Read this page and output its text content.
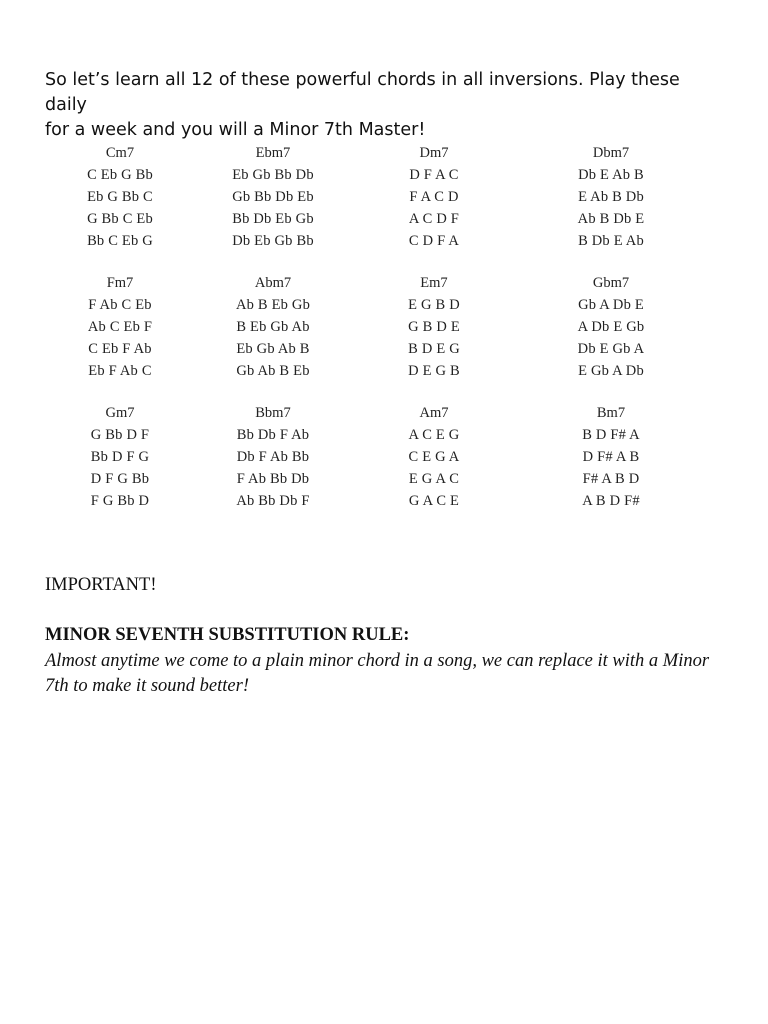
So let’s learn all 12 of these powerful chords in all inversions. Play these daily
for a week and you will a Minor 7th Master!
Cm7
C Eb G Bb
Eb G Bb C
G Bb C Eb
Bb C Eb G
Ebm7
Eb Gb Bb Db
Gb Bb Db Eb
Bb Db Eb Gb
Db Eb Gb Bb
Dm7
D F A C
F A C D
A C D F
C D F A
Dbm7
Db E Ab B
E Ab B Db
Ab B Db E
B Db E Ab
Fm7
F Ab C Eb
Ab C Eb F
C Eb F Ab
Eb F Ab C
Abm7
Ab B Eb Gb
B Eb Gb Ab
Eb Gb Ab B
Gb Ab B Eb
Em7
E G B D
G B D E
B D E G
D E G B
Gbm7
Gb A Db E
A Db E Gb
Db E Gb A
E Gb A Db
Gm7
G Bb D F
Bb D F G
D F G Bb
F G Bb D
Bbm7
Bb Db F Ab
Db F Ab Bb
F Ab Bb Db
Ab Bb Db F
Am7
A C E G
C E G A
E G A C
G A C E
Bm7
B D F# A
D F# A B
F# A B D
A B D F#
IMPORTANT!
MINOR SEVENTH SUBSTITUTION RULE:
Almost anytime we come to a plain minor chord in a song, we can replace it with a Minor 7th to make it sound better!
